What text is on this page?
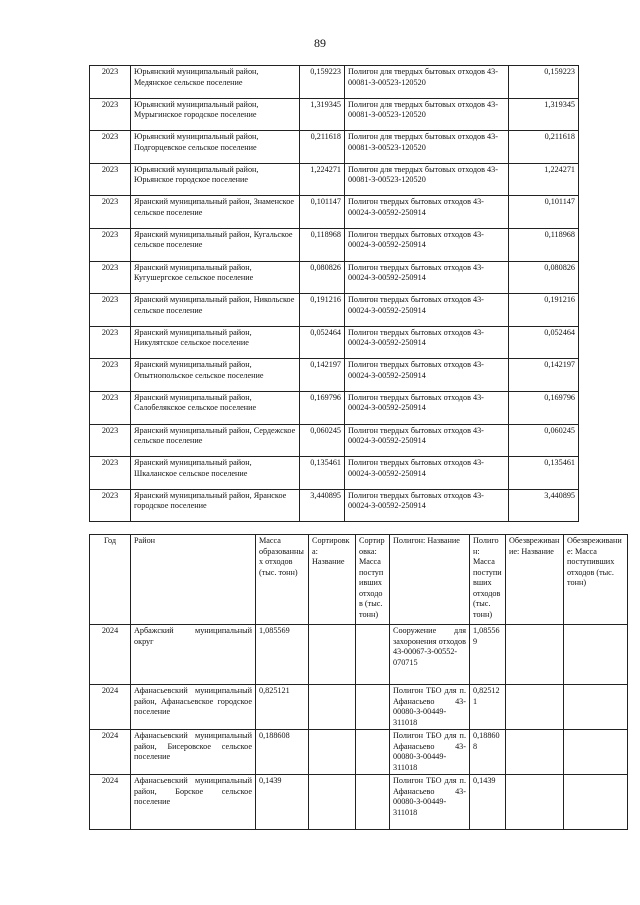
89
2023	Юрьянский муниципальный район, Медянское сельское поселение	0,159223	Полигон для твердых бытовых отходов 43-00081-З-00523-120520	0,159223
2023	Юрьянский муниципальный район, Мурыгинское городское поселение	1,319345	Полигон для твердых бытовых отходов 43-00081-З-00523-120520	1,319345
2023	Юрьянский муниципальный район, Подгорцевское сельское поселение	0,211618	Полигон для твердых бытовых отходов 43-00081-З-00523-120520	0,211618
2023	Юрьянский муниципальный район, Юрьянское городское поселение	1,224271	Полигон для твердых бытовых отходов 43-00081-З-00523-120520	1,224271
2023	Яранский муниципальный район, Знаменское сельское поселение	0,101147	Полигон твердых бытовых отходов 43-00024-З-00592-250914	0,101147
2023	Яранский муниципальный район, Кугальское сельское поселение	0,118968	Полигон твердых бытовых отходов 43-00024-З-00592-250914	0,118968
2023	Яранский муниципальный район, Кугушергское сельское поселение	0,080826	Полигон твердых бытовых отходов 43-00024-З-00592-250914	0,080826
2023	Яранский муниципальный район, Никольское сельское поселение	0,191216	Полигон твердых бытовых отходов 43-00024-З-00592-250914	0,191216
2023	Яранский муниципальный район, Никулятское сельское поселение	0,052464	Полигон твердых бытовых отходов 43-00024-З-00592-250914	0,052464
2023	Яранский муниципальный район, Опытнопольское сельское поселение	0,142197	Полигон твердых бытовых отходов 43-00024-З-00592-250914	0,142197
2023	Яранский муниципальный район, Салобелякское сельское поселение	0,169796	Полигон твердых бытовых отходов 43-00024-З-00592-250914	0,169796
2023	Яранский муниципальный район, Сердежское сельское поселение	0,060245	Полигон твердых бытовых отходов 43-00024-З-00592-250914	0,060245
2023	Яранский муниципальный район, Шкаланское сельское поселение	0,135461	Полигон твердых бытовых отходов 43-00024-З-00592-250914	0,135461
2023	Яранский муниципальный район, Яранское городское поселение	3,440895	Полигон твердых бытовых отходов 43-00024-З-00592-250914	3,440895
Год	Район	Масса образованных отходов (тыс. тонн)	Сортировка: Название	Сортировка: Масса поступивших отходов (тыс. тонн)	Полигон: Название	Полигон: Масса поступивших отходов (тыс. тонн)	Обезвреживание: Название	Обезвреживание: Масса поступивших отходов (тыс. тонн)
2024	Арбажский муниципальный округ	1,085569			Сооружение для захоронения отходов 43-00067-З-00552-070715	1,085569		
2024	Афанасьевский муниципальный район, Афанасьевское городское поселение	0,825121			Полигон ТБО для п. Афанасьево 43-00080-З-00449-311018	0,825121		
2024	Афанасьевский муниципальный район, Бисеровское сельское поселение	0,188608			Полигон ТБО для п. Афанасьево 43-00080-З-00449-311018	0,188608		
2024	Афанасьевский муниципальный район, Борское сельское поселение	0,1439			Полигон ТБО для п. Афанасьево 43-00080-З-00449-311018	0,1439		
